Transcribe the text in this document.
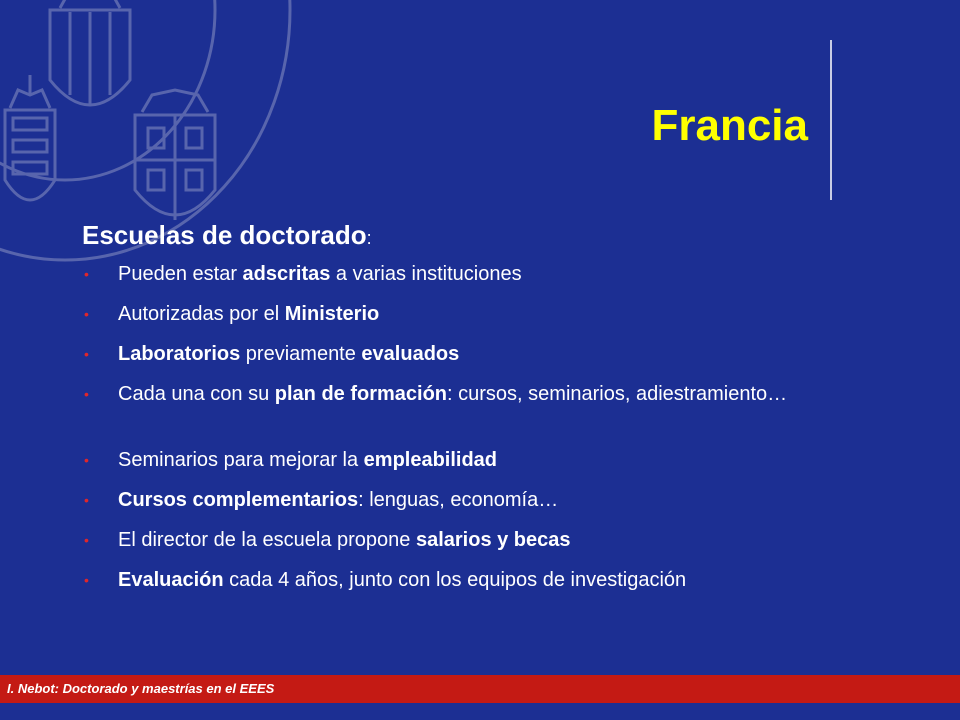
Francia
Escuelas de doctorado:
• Pueden estar adscritas a varias instituciones
• Autorizadas por el Ministerio
• Laboratorios previamente evaluados
• Cada una con su plan de formación: cursos, seminarios, adiestramiento…
• Seminarios para mejorar la empleabilidad
• Cursos complementarios: lenguas, economía…
• El director de la escuela propone salarios y becas
• Evaluación cada 4 años, junto con los equipos de investigación
I. Nebot: Doctorado y maestrías en el EEES
